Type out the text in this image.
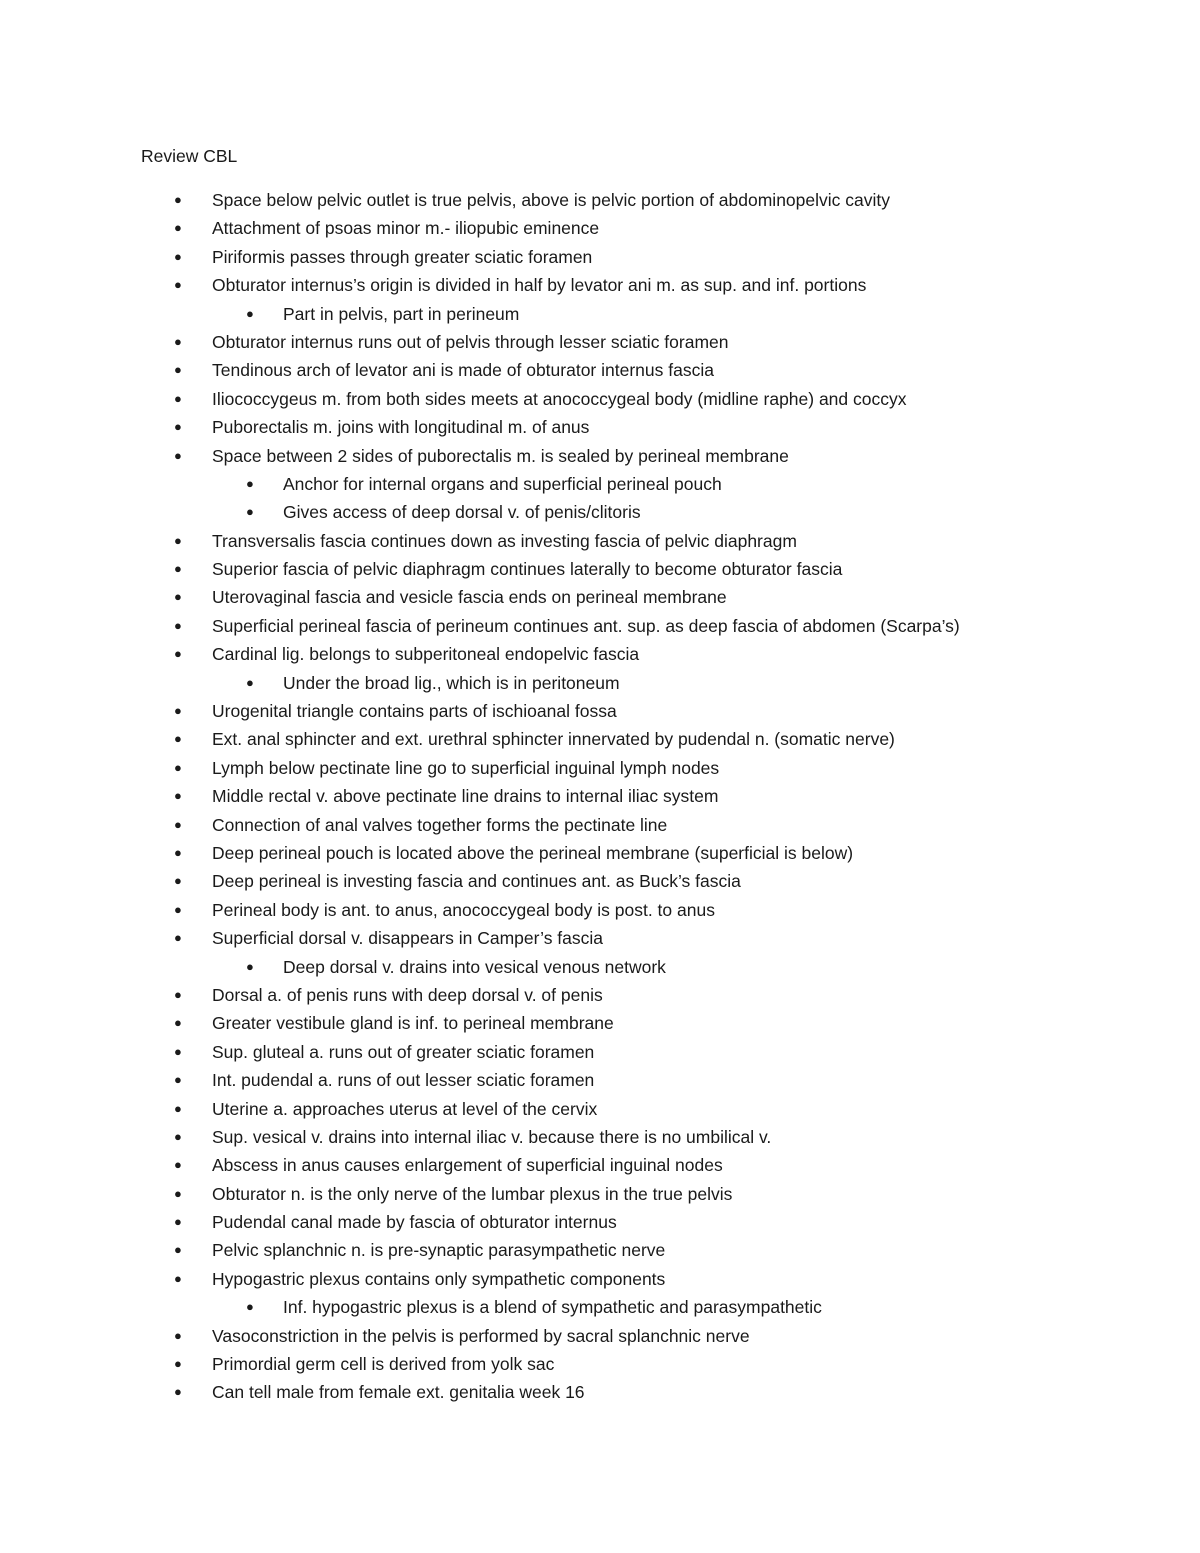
Review CBL
● Space below pelvic outlet is true pelvis, above is pelvic portion of abdominopelvic cavity
● Attachment of psoas minor m.- iliopubic eminence
● Piriformis passes through greater sciatic foramen
● Obturator internus’s origin is divided in half by levator ani m. as sup. and inf. portions
● Part in pelvis, part in perineum
● Obturator internus runs out of pelvis through lesser sciatic foramen
● Tendinous arch of levator ani is made of obturator internus fascia
● Iliococcygeus m. from both sides meets at anococcygeal body (midline raphe) and coccyx
● Puborectalis m. joins with longitudinal m. of anus
● Space between 2 sides of puborectalis m. is sealed by perineal membrane
● Anchor for internal organs and superficial perineal pouch
● Gives access of deep dorsal v. of penis/clitoris
● Transversalis fascia continues down as investing fascia of pelvic diaphragm
● Superior fascia of pelvic diaphragm continues laterally to become obturator fascia
● Uterovaginal fascia and vesicle fascia ends on perineal membrane
● Superficial perineal fascia of perineum continues ant. sup. as deep fascia of abdomen (Scarpa’s)
● Cardinal lig. belongs to subperitoneal endopelvic fascia
● Under the broad lig., which is in peritoneum
● Urogenital triangle contains parts of ischioanal fossa
● Ext. anal sphincter and ext. urethral sphincter innervated by pudendal n. (somatic nerve)
● Lymph below pectinate line go to superficial inguinal lymph nodes
● Middle rectal v. above pectinate line drains to internal iliac system
● Connection of anal valves together forms the pectinate line
● Deep perineal pouch is located above the perineal membrane (superficial is below)
● Deep perineal is investing fascia and continues ant. as Buck’s fascia
● Perineal body is ant. to anus, anococcygeal body is post. to anus
● Superficial dorsal v. disappears in Camper’s fascia
● Deep dorsal v. drains into vesical venous network
● Dorsal a. of penis runs with deep dorsal v. of penis
● Greater vestibule gland is inf. to perineal membrane
● Sup. gluteal a. runs out of greater sciatic foramen
● Int. pudendal a. runs of out lesser sciatic foramen
● Uterine a. approaches uterus at level of the cervix
● Sup. vesical v. drains into internal iliac v. because there is no umbilical v.
● Abscess in anus causes enlargement of superficial inguinal nodes
● Obturator n. is the only nerve of the lumbar plexus in the true pelvis
● Pudendal canal made by fascia of obturator internus
● Pelvic splanchnic n. is pre-synaptic parasympathetic nerve
● Hypogastric plexus contains only sympathetic components
● Inf. hypogastric plexus is a blend of sympathetic and parasympathetic
● Vasoconstriction in the pelvis is performed by sacral splanchnic nerve
● Primordial germ cell is derived from yolk sac
● Can tell male from female ext. genitalia week 16
